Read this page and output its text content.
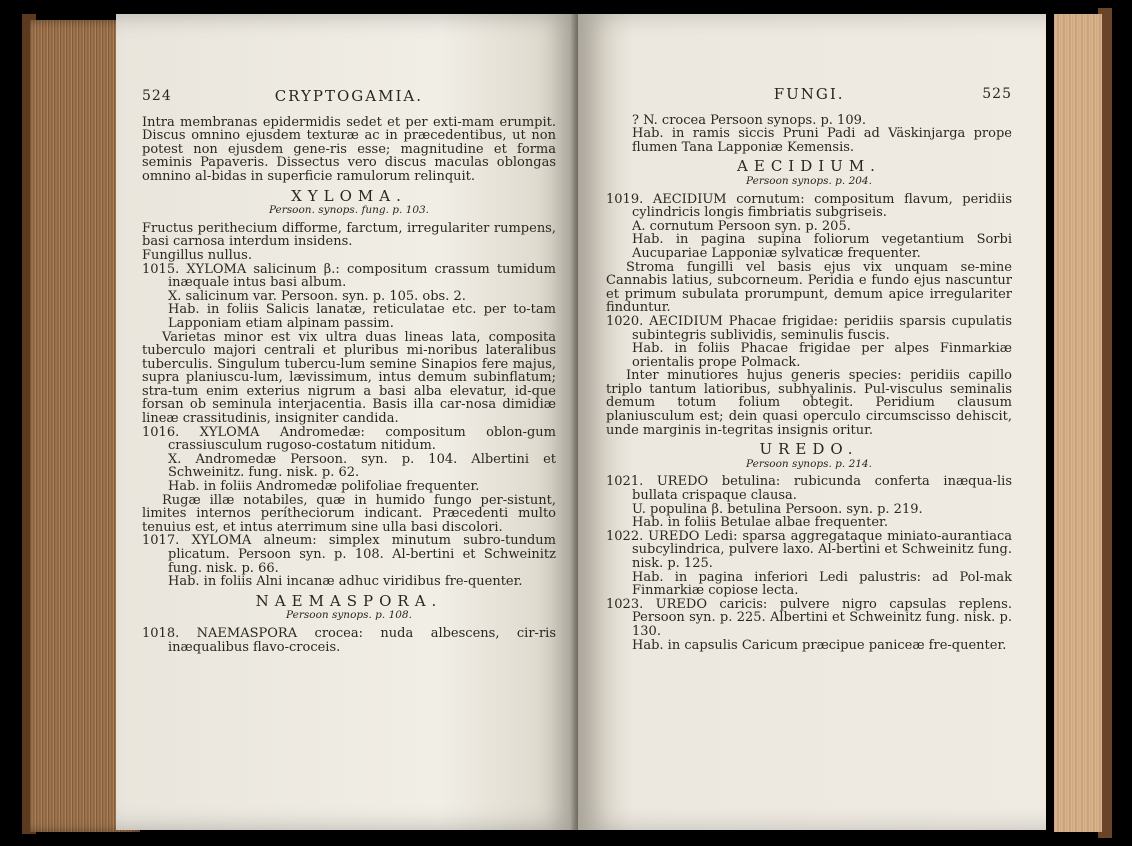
524	CRYPTOGAMIA.

Intra membranas epidermidis sedet et per exti-mam erumpit. Discus omnino ejusdem texturæ ac in præcedentibus, ut non potest non ejusdem gene-ris esse; magnitudine et forma seminis Papaveris. Dissectus vero discus maculas oblongas omnino al-bidas in superficie ramulorum relinquit.

XYLOMA.

Persoon. synops. fung. p. 103.

Fructus perithecium difforme, farctum, irregulariter rumpens, basi carnosa interdum insidens.

Fungillus nullus.

1015. XYLOMA salicinum β.: compositum crassum tumidum inæquale intus basi album.

X. salicinum var. Persoon. syn. p. 105. obs. 2.

Hab. in foliis Salicis lanatæ, reticulatae etc. per to-tam Lapponiam etiam alpinam passim.

Varietas minor est vix ultra duas lineas lata, composita tuberculo majori centrali et pluribus mi-noribus lateralibus tuberculis. Singulum tubercu-lum semine Sinapios fere majus, supra planiuscu-lum, lævissimum, intus demum subinflatum; stra-tum enim exterius nigrum a basi alba elevatur, id-que forsan ob seminula interjacentia. Basis illa car-nosa dimidiæ lineæ crassitudinis, insigniter candida.

1016. XYLOMA Andromedæ: compositum oblon-gum crassiusculum rugoso-costatum nitidum.

X. Andromedæ Persoon. syn. p. 104. Albertini et Schweinitz. fung. nisk. p. 62.

Hab. in foliis Andromedæ polifoliae frequenter.

Rugæ illæ notabiles, quæ in humido fungo per-sistunt, limites internos perítheciorum indicant. Præcedenti multo tenuius est, et intus aterrimum sine ulla basi discolori.

1017. XYLOMA alneum: simplex minutum subro-tundum plicatum. Persoon syn. p. 108. Al-bertini et Schweinitz fung. nisk. p. 66.

Hab. in foliis Alni incanæ adhuc viridibus fre-quenter.

NAEMASPORA.

Persoon synops. p. 108.

1018. NAEMASPORA crocea: nuda albescens, cir-ris inæqualibus flavo-croceis.

FUNGI.	525

? N. crocea Persoon synops. p. 109.

Hab. in ramis siccis Pruni Padi ad Väskinjarga prope flumen Tana Lapponiæ Kemensis.

AECIDIUM.

Persoon synops. p. 204.

1019. AECIDIUM cornutum: compositum flavum, peridiis cylindricis longis fimbriatis subgriseis.

A. cornutum Persoon syn. p. 205.

Hab. in pagina supina foliorum vegetantium Sorbi Aucupariae Lapponiæ sylvaticæ frequenter.

Stroma fungilli vel basis ejus vix unquam se-mine Cannabis latius, subcorneum. Peridia e fundo ejus nascuntur et primum subulata prorumpunt, demum apice irregulariter finduntur.

1020. AECIDIUM Phacae frigidae: peridiis sparsis cupulatis subintegris sublividis, seminulis fuscis.

Hab. in foliis Phacae frigidae per alpes Finmarkiæ orientalis prope Polmack.

Inter minutiores hujus generis species: peridiis capillo triplo tantum latioribus, subhyalinis. Pul-visculus seminalis demum totum folium obtegit. Peridium clausum planiusculum est; dein quasi operculo circumscisso dehiscit, unde marginis in-tegritas insignis oritur.

UREDO.

Persoon synops. p. 214.

1021. UREDO betulina: rubicunda conferta inæqua-lis bullata crispaque clausa.

U. populina β. betulina Persoon. syn. p. 219.

Hab. in foliis Betulae albae frequenter.

1022. UREDO Ledi: sparsa aggregataque miniato-aurantiaca subcylindrica, pulvere laxo. Al-bertini et Schweinitz fung. nisk. p. 125.

Hab. in pagina inferiori Ledi palustris: ad Pol-mak Finmarkiæ copiose lecta.

1023. UREDO caricis: pulvere nigro capsulas replens. Persoon syn. p. 225. Albertini et Schweinitz fung. nisk. p. 130.

Hab. in capsulis Caricum præcipue paniceæ fre-quenter.
